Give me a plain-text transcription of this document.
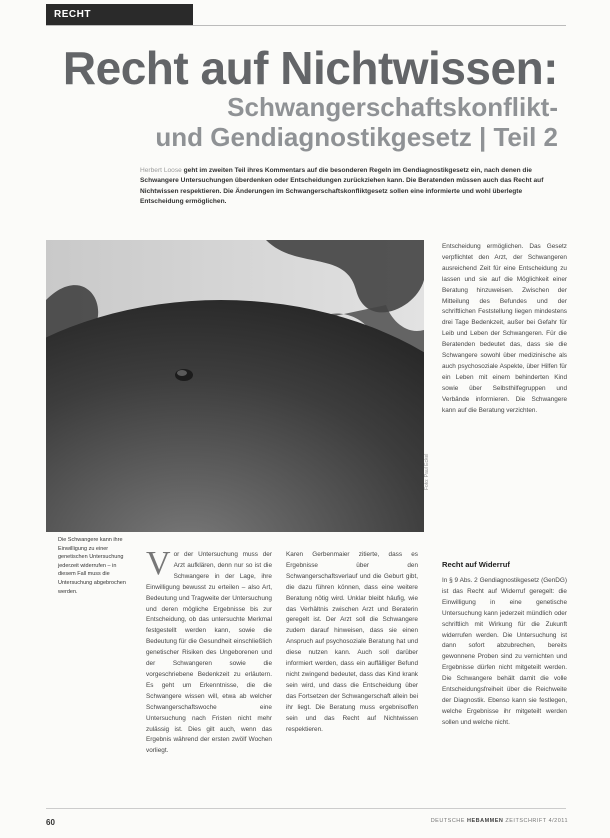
RECHT
Recht auf Nichtwissen:
Schwangerschaftskonflikt-
und Gendiagnostikgesetz | Teil 2
Herbert Loose geht im zweiten Teil ihres Kommentars auf die besonderen Regeln im Gendiagnostikgesetz ein, nach denen die Schwangere Untersuchungen überdenken oder Entscheidungen zurückziehen kann. Die Beratenden müssen auch das Recht auf Nichtwissen respektieren. Die Änderungen im Schwangerschaftskonfliktgesetz sollen eine informierte und wohl überlegte Entscheidung ermöglichen.
Foto: Paul Eckel
Die Schwangere kann ihre Einwilligung zu einer genetischen Untersuchung jederzeit widerrufen – in diesem Fall muss die Untersuchung abgebrochen werden.
V or der Untersuchung muss der Arzt aufklären, denn nur so ist die Schwangere in der Lage, ihre Einwilligung bewusst zu erteilen – also Art, Bedeutung und Tragweite der Untersuchung und deren mögliche Ergebnisse bis zur Entscheidung, ob das untersuchte Merkmal festgestellt werden kann, sowie die Bedeutung für die Gesundheit einschließlich genetischer Risiken des Ungeborenen und der Schwangeren sowie die vorgeschriebene Bedenkzeit zu erläutern. Es geht um Erkenntnisse, die die Schwangere wissen will, etwa ab welcher Schwangerschaftswoche eine Untersuchung nach Fristen nicht mehr zulässig ist. Dies gilt auch, wenn das Ergebnis während der ersten zwölf Wochen vorliegt.
Karen Gerbenmaier zitierte, dass es Ergebnisse über den Schwangerschaftsverlauf und die Geburt gibt, die dazu führen können, dass eine weitere Beratung nötig wird. Unklar bleibt häufig, wie das Verhältnis zwischen Arzt und Beraterin geregelt ist. Der Arzt soll die Schwangere zudem darauf hinweisen, dass sie einen Anspruch auf psychosoziale Beratung hat und diese nutzen kann. Auch soll darüber informiert werden, dass ein auffälliger Befund nicht zwingend bedeutet, dass das Kind krank sein wird, und dass die Entscheidung über das Fortsetzen der Schwangerschaft allein bei ihr liegt. Die Beratung muss ergebnisoffen sein und das Recht auf Nichtwissen respektieren.
Entscheidung ermöglichen. Das Gesetz verpflichtet den Arzt, der Schwangeren ausreichend Zeit für eine Entscheidung zu lassen und sie auf die Möglichkeit einer Beratung hinzuweisen. Zwischen der Mitteilung des Befundes und der schriftlichen Feststellung liegen mindestens drei Tage Bedenkzeit, außer bei Gefahr für Leib und Leben der Schwangeren. Für die Beratenden bedeutet das, dass sie die Schwangere sowohl über medizinische als auch psychosoziale Aspekte, über Hilfen für ein Leben mit einem behinderten Kind sowie über Selbsthilfegruppen und Verbände informieren. Die Schwangere kann auf die Beratung verzichten.
Recht auf Widerruf
In § 9 Abs. 2 Gendiagnostikgesetz (GenDG) ist das Recht auf Widerruf geregelt: die Einwilligung in eine genetische Untersuchung kann jederzeit mündlich oder schriftlich mit Wirkung für die Zukunft widerrufen werden. Die Untersuchung ist dann sofort abzubrechen, bereits gewonnene Proben sind zu vernichten und Ergebnisse dürfen nicht mitgeteilt werden. Die Schwangere behält damit die volle Entscheidungsfreiheit über die Reichweite der Diagnostik. Ebenso kann sie festlegen, welche Ergebnisse ihr mitgeteilt werden sollen und welche nicht.
60	DEUTSCHE HEBAMMEN ZEITSCHRIFT 4/2011
